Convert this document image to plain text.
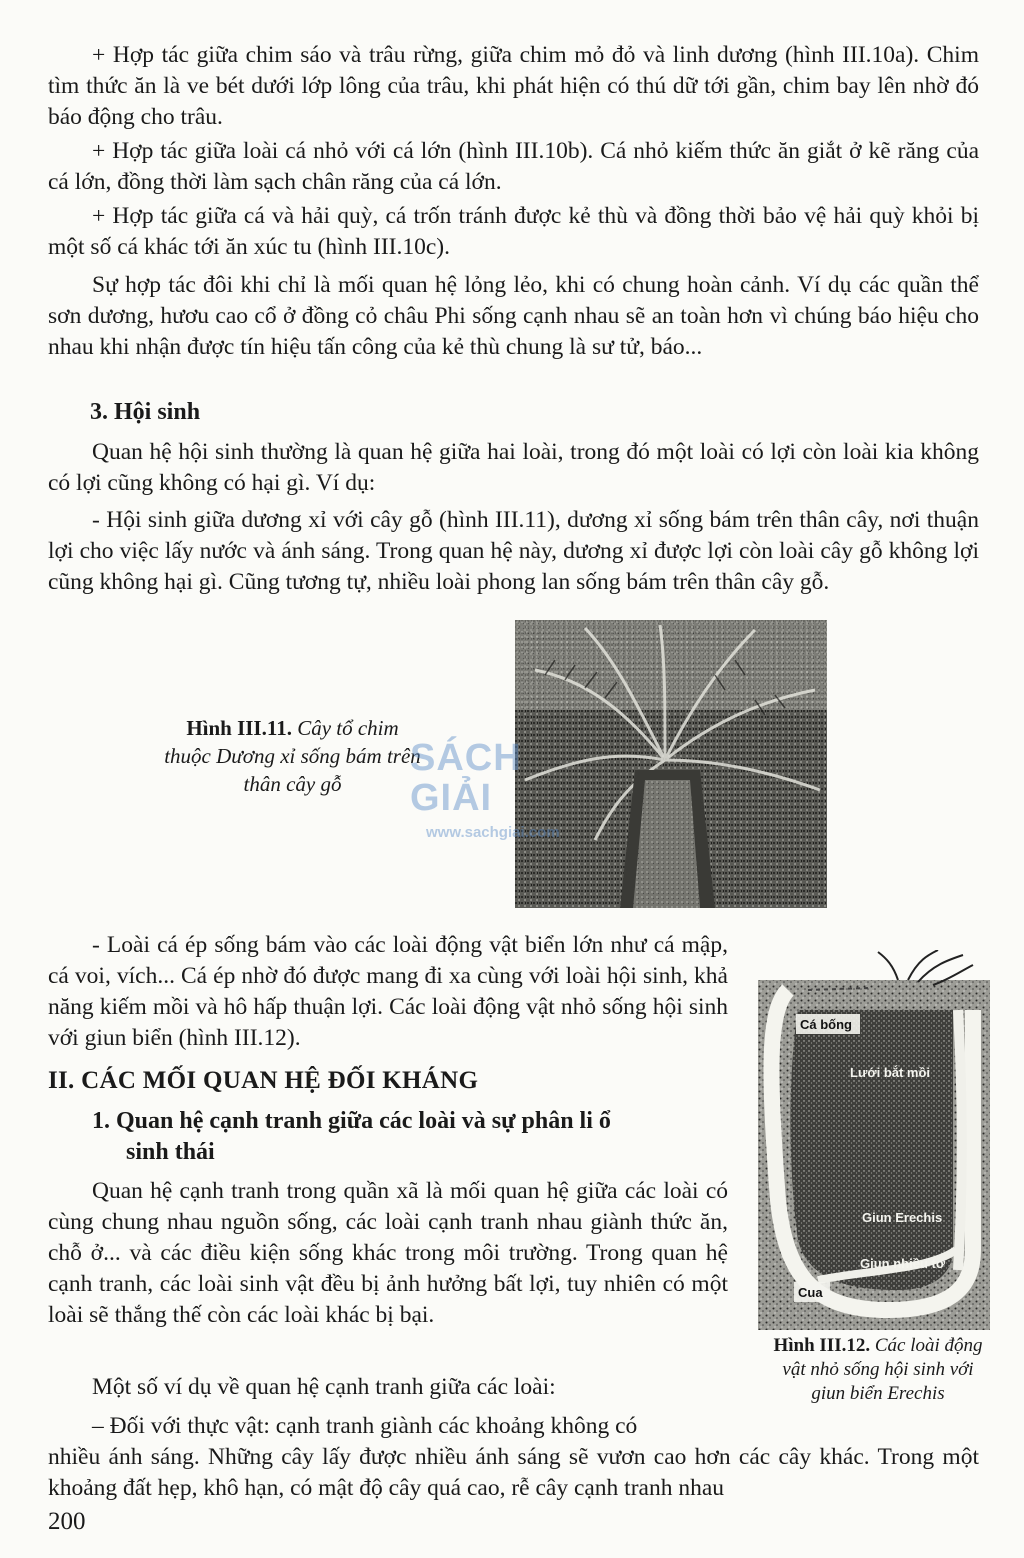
+ Hợp tác giữa chim sáo và trâu rừng, giữa chim mỏ đỏ và linh dương (hình III.10a). Chim tìm thức ăn là ve bét dưới lớp lông của trâu, khi phát hiện có thú dữ tới gần, chim bay lên nhờ đó báo động cho trâu.

+ Hợp tác giữa loài cá nhỏ với cá lớn (hình III.10b). Cá nhỏ kiếm thức ăn giắt ở kẽ răng của cá lớn, đồng thời làm sạch chân răng của cá lớn.

+ Hợp tác giữa cá và hải quỳ, cá trốn tránh được kẻ thù và đồng thời bảo vệ hải quỳ khỏi bị một số cá khác tới ăn xúc tu (hình III.10c).

Sự hợp tác đôi khi chỉ là mối quan hệ lỏng lẻo, khi có chung hoàn cảnh. Ví dụ các quần thể sơn dương, hươu cao cổ ở đồng cỏ châu Phi sống cạnh nhau sẽ an toàn hơn vì chúng báo hiệu cho nhau khi nhận được tín hiệu tấn công của kẻ thù chung là sư tử, báo...

3. Hội sinh

Quan hệ hội sinh thường là quan hệ giữa hai loài, trong đó một loài có lợi còn loài kia không có lợi cũng không có hại gì. Ví dụ:

- Hội sinh giữa dương xỉ với cây gỗ (hình III.11), dương xỉ sống bám trên thân cây, nơi thuận lợi cho việc lấy nước và ánh sáng. Trong quan hệ này, dương xỉ được lợi còn loài cây gỗ không lợi cũng không hại gì. Cũng tương tự, nhiều loài phong lan sống bám trên thân cây gỗ.

Hình III.11. Cây tổ chim
thuộc Dương xỉ sống bám trên
thân cây gỗ
SÁCH GIẢI
www.sachgiai.com

- Loài cá ép sống bám vào các loài động vật biển lớn như cá mập, cá voi, vích... Cá ép nhờ đó được mang đi xa cùng với loài hội sinh, khả năng kiếm mồi và hô hấp thuận lợi. Các loài động vật nhỏ sống hội sinh với giun biển (hình III.12).

II. CÁC MỐI QUAN HỆ ĐỐI KHÁNG
1. Quan hệ cạnh tranh giữa các loài và sự phân li ổ
sinh thái

Quan hệ cạnh tranh trong quần xã là mối quan hệ giữa các loài có cùng chung nhau nguồn sống, các loài cạnh tranh nhau giành thức ăn, chỗ ở... và các điều kiện sống khác trong môi trường. Trong quan hệ cạnh tranh, các loài sinh vật đều bị ảnh hưởng bất lợi, tuy nhiên có một loài sẽ thắng thế còn các loài khác bị bại.

Một số ví dụ về quan hệ cạnh tranh giữa các loài:

– Đối với thực vật: cạnh tranh giành các khoảng không có

nhiều ánh sáng. Những cây lấy được nhiều ánh sáng sẽ vươn cao hơn các cây khác. Trong một khoảng đất hẹp, khô hạn, có mật độ cây quá cao, rễ cây cạnh tranh nhau

Cá bống
Lưới bắt mồi
Giun Erechis
Giun nhiều tơ
Cua
Hình III.12. Các loài động
vật nhỏ sống hội sinh với
giun biển Erechis
200
